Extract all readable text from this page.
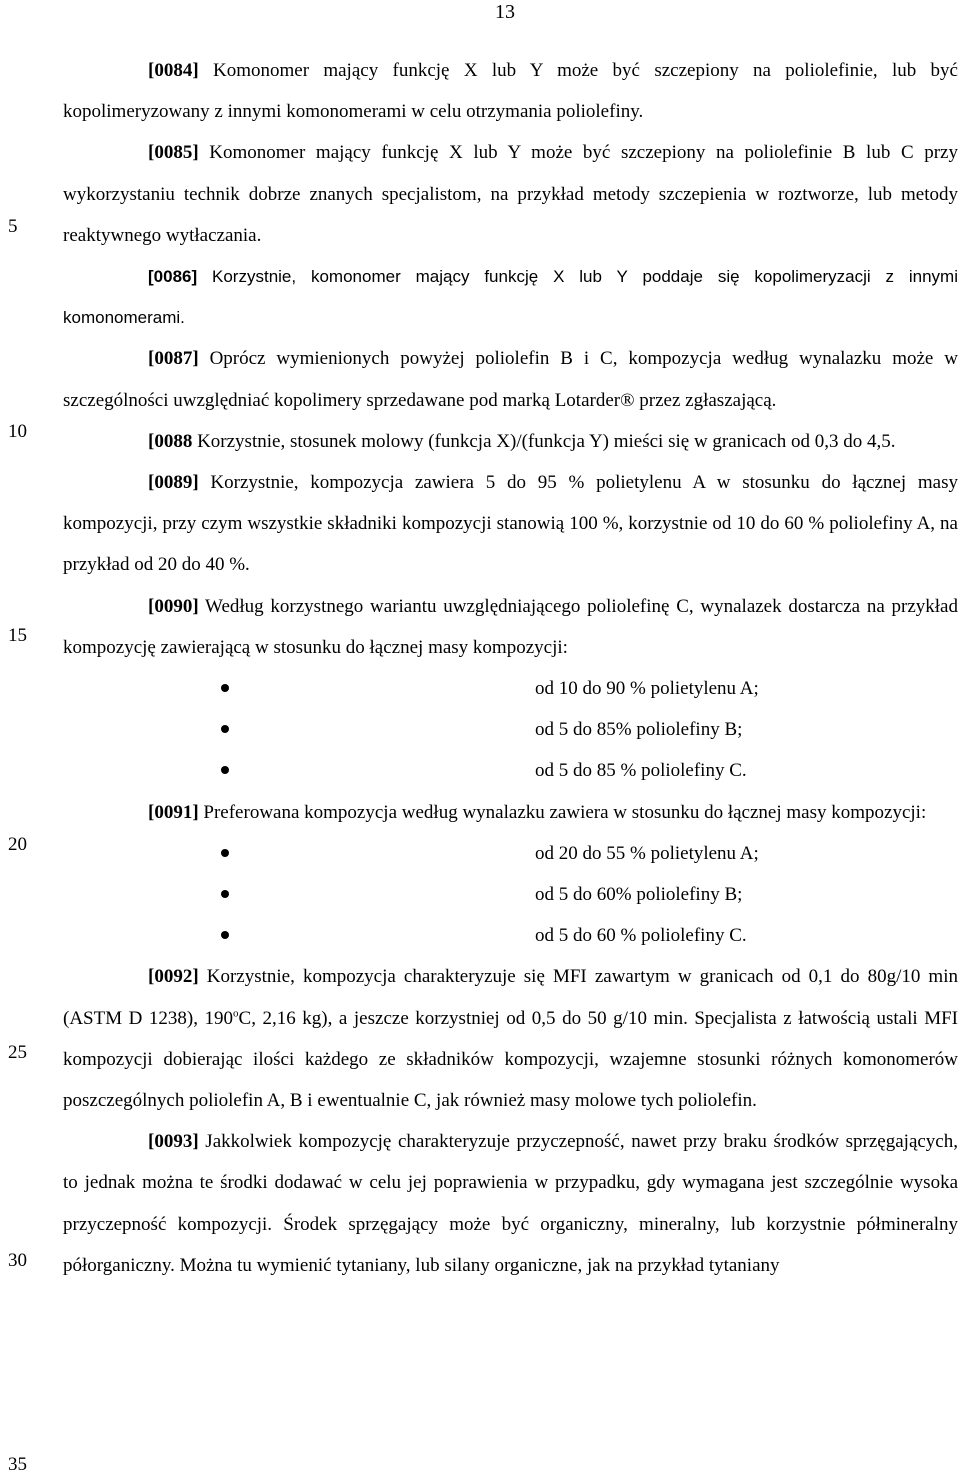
13
5
10
15
20
25
30
35

[0084] Komonomer mający funkcję X lub Y może być szczepiony na poliolefinie, lub być kopolimeryzowany z innymi komonomerami w celu otrzymania poliolefiny.

[0085] Komonomer mający funkcję X lub Y może być szczepiony na poliolefinie B lub C przy wykorzystaniu technik dobrze znanych specjalistom, na przykład metody szczepienia w roztworze, lub metody reaktywnego wytłaczania.

[0086] Korzystnie, komonomer mający funkcję X lub Y poddaje się kopolimeryzacji z innymi komonomerami.

[0087] Oprócz wymienionych powyżej poliolefin B i C, kompozycja według wynalazku może w szczególności uwzględniać kopolimery sprzedawane pod marką Lotarder® przez zgłaszającą.

[0088 Korzystnie, stosunek molowy (funkcja X)/(funkcja Y) mieści się w granicach od 0,3 do 4,5.

[0089] Korzystnie, kompozycja zawiera 5 do 95 % polietylenu A w stosunku do łącznej masy kompozycji, przy czym wszystkie składniki kompozycji stanowią 100 %, korzystnie od 10 do 60 % poliolefiny A, na przykład od 20 do 40 %.

[0090] Według korzystnego wariantu uwzględniającego poliolefinę C, wynalazek dostarcza na przykład kompozycję zawierającą w stosunku do łącznej masy kompozycji:

od 10 do 90 % polietylenu A;
od 5 do 85% poliolefiny B;
od 5 do 85 % poliolefiny C.

[0091] Preferowana kompozycja według wynalazku zawiera w stosunku do łącznej masy kompozycji:

od 20 do 55 % polietylenu A;
od 5 do 60% poliolefiny B;
od 5 do 60 % poliolefiny C.

[0092] Korzystnie, kompozycja charakteryzuje się MFI zawartym w granicach od 0,1 do 80g/10 min (ASTM D 1238), 190$^o$C, 2,16 kg), a jeszcze korzystniej od 0,5 do 50 g/10 min. Specjalista z łatwością ustali MFI kompozycji dobierając ilości każdego ze składników kompozycji, wzajemne stosunki różnych komonomerów poszczególnych poliolefin A, B i ewentualnie C, jak również masy molowe tych poliolefin.

[0093] Jakkolwiek kompozycję charakteryzuje przyczepność, nawet przy braku środków sprzęgających, to jednak można te środki dodawać w celu jej poprawienia w przypadku, gdy wymagana jest szczególnie wysoka przyczepność kompozycji. Środek sprzęgający może być organiczny, mineralny, lub korzystnie półmineralny półorganiczny. Można tu wymienić tytaniany, lub silany organiczne, jak na przykład tytaniany
